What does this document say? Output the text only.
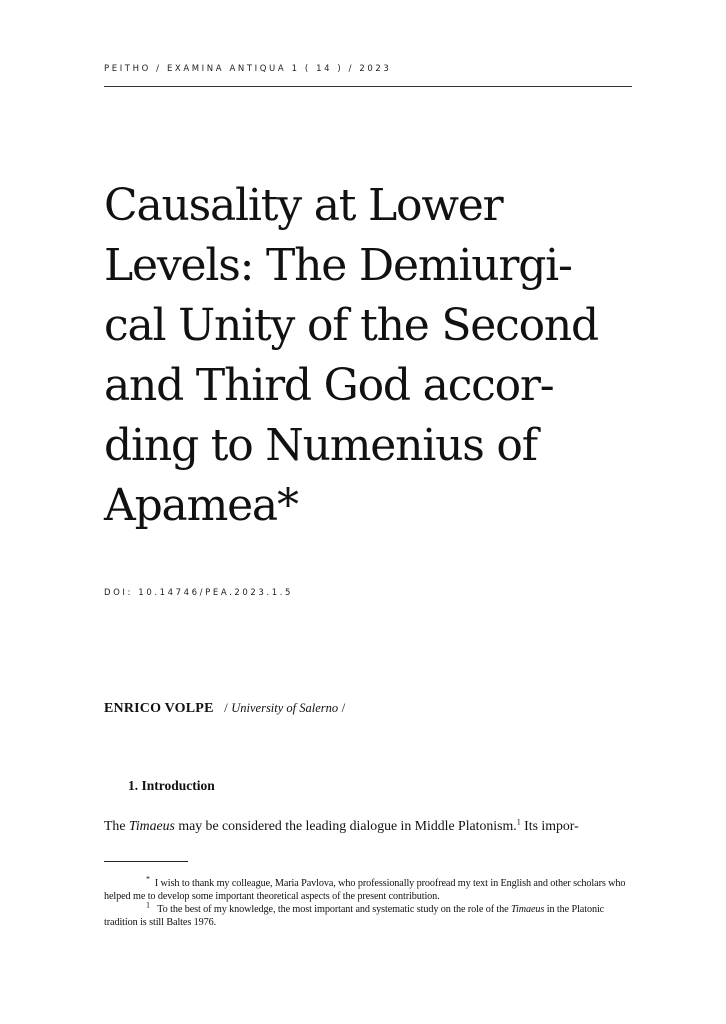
PEITHO / EXAMINA ANTIQUA 1 ( 14 ) / 2023
Causality at Lower
Levels: The Demiurgi-
cal Unity of the Second
and Third God accor-
ding to Numenius of
Apamea*
DOI: 10.14746/PEA.2023.1.5
ENRICO VOLPE / University of Salerno /
1. Introduction

The Timaeus may be considered the leading dialogue in Middle Platonism.$^1$ Its impor-

* I wish to thank my colleague, Maria Pavlova, who professionally proofread my text in English and other scholars who helped me to develop some important theoretical aspects of the present contribution.

$^1$ To the best of my knowledge, the most important and systematic study on the role of the Timaeus in the Platonic tradition is still Baltes 1976.
